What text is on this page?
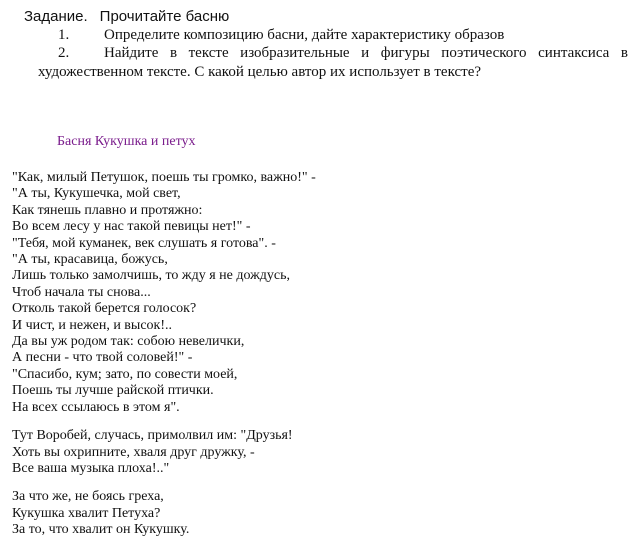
Задание. Прочитайте басню
1. Определите композицию басни, дайте характеристику образов
2. Найдите в тексте изобразительные и фигуры поэтического синтаксиса в
художественном тексте. С какой целью автор их использует в тексте?
Басня Кукушка и петух
"Как, милый Петушок, поешь ты громко, важно!" -
"А ты, Кукушечка, мой свет,
Как тянешь плавно и протяжно:
Во всем лесу у нас такой певицы нет!" -
"Тебя, мой куманек, век слушать я готова". -
"А ты, красавица, божусь,
Лишь только замолчишь, то жду я не дождусь,
Чтоб начала ты снова...
Отколь такой берется голосок?
И чист, и нежен, и высок!..
Да вы уж родом так: собою невелички,
А песни - что твой соловей!" -
"Спасибо, кум; зато, по совести моей,
Поешь ты лучше райской птички.
На всех ссылаюсь в этом я".
Тут Воробей, случась, примолвил им: "Друзья!
Хоть вы охрипните, хваля друг дружку, -
Все ваша музыка плоха!.."
За что же, не боясь греха,
Кукушка хвалит Петуха?
За то, что хвалит он Кукушку.
